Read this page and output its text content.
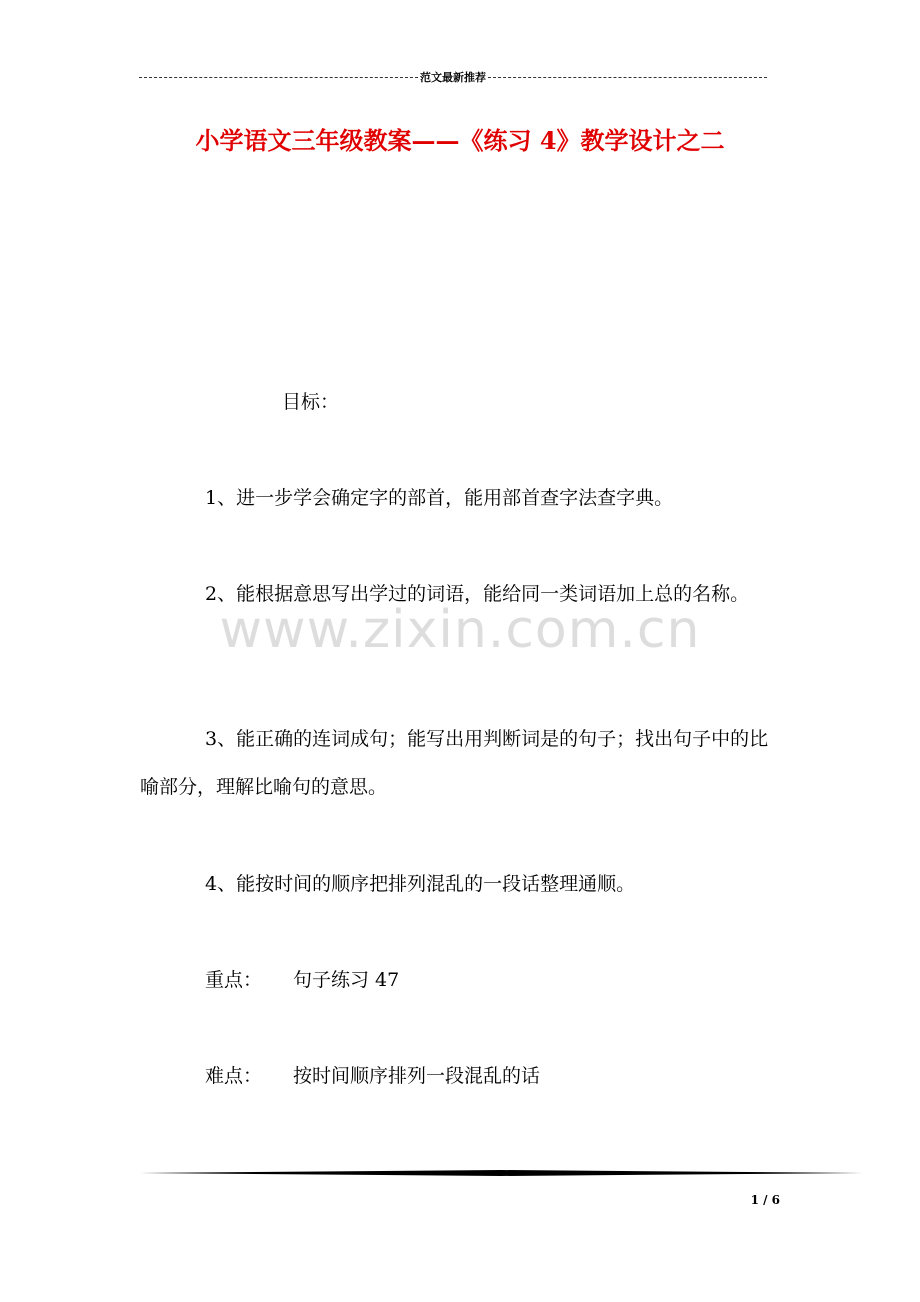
范文最新推荐
小学语文三年级教案——《练习 4》教学设计之二

目标：

1、进一步学会确定字的部首，能用部首查字法查字典。

2、能根据意思写出学过的词语，能给同一类词语加上总的名称。

3、能正确的连词成句；能写出用判断词是的句子；找出句子中的比喻部分，理解比喻句的意思。

4、能按时间的顺序把排列混乱的一段话整理通顺。

重点： 句子练习 47

难点： 按时间顺序排列一段混乱的话

www.zixin.com.cn
1 / 6
